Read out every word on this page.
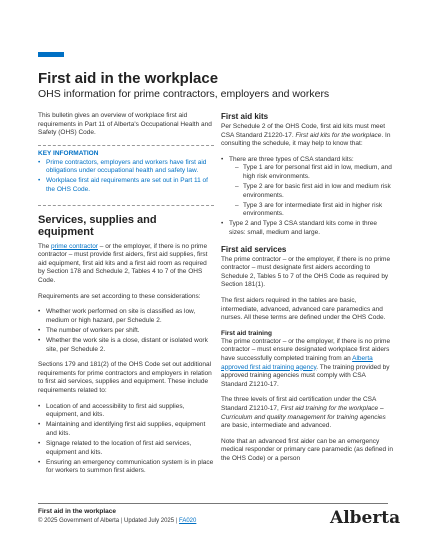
First aid in the workplace
OHS information for prime contractors, employers and workers

This bulletin gives an overview of workplace first aid requirements in Part 11 of Alberta's Occupational Health and Safety (OHS) Code.

KEY INFORMATION
• Prime contractors, employers and workers have first aid obligations under occupational health and safety law.
• Workplace first aid requirements are set out in Part 11 of the OHS Code.
Services, supplies and equipment

The prime contractor – or the employer, if there is no prime contractor – must provide first aiders, first aid supplies, first aid equipment, first aid kits and a first aid room as required by Section 178 and Schedule 2, Tables 4 to 7 of the OHS Code.

Requirements are set according to these considerations:

• Whether work performed on site is classified as low, medium or high hazard, per Schedule 2.
• The number of workers per shift.
• Whether the work site is a close, distant or isolated work site, per Schedule 2.

Sections 179 and 181(2) of the OHS Code set out additional requirements for prime contractors and employers in relation to first aid services, supplies and equipment. These include requirements related to:

• Location of and accessibility to first aid supplies, equipment, and kits.
• Maintaining and identifying first aid supplies, equipment and kits.
• Signage related to the location of first aid services, equipment and kits.
• Ensuring an emergency communication system is in place for workers to summon first aiders.
First aid kits

Per Schedule 2 of the OHS Code, first aid kits must meet CSA Standard Z1220-17. First aid kits for the workplace. In consulting the schedule, it may help to know that:

• There are three types of CSA standard kits:
– Type 1 are for personal first aid in low, medium, and high risk environments.
– Type 2 are for basic first aid in low and medium risk environments.
– Type 3 are for intermediate first aid in higher risk environments.
• Type 2 and Type 3 CSA standard kits come in three sizes: small, medium and large.
First aid services

The prime contractor – or the employer, if there is no prime contractor – must designate first aiders according to Schedule 2, Tables 5 to 7 of the OHS Code as required by Section 181(1).

The first aiders required in the tables are basic, intermediate, advanced, advanced care paramedics and nurses. All these terms are defined under the OHS Code.

First aid training

The prime contractor – or the employer, if there is no prime contractor – must ensure designated workplace first aiders have successfully completed training from an Alberta approved first aid training agency. The training provided by approved training agencies must comply with CSA Standard Z1210-17.

The three levels of first aid certification under the CSA Standard Z1210-17, First aid training for the workplace – Curriculum and quality management for training agencies are basic, intermediate and advanced.

Note that an advanced first aider can be an emergency medical responder or primary care paramedic (as defined in the OHS Code) or a person

First aid in the workplace
© 2025 Government of Alberta | Updated July 2025 | FA020	Alberta
